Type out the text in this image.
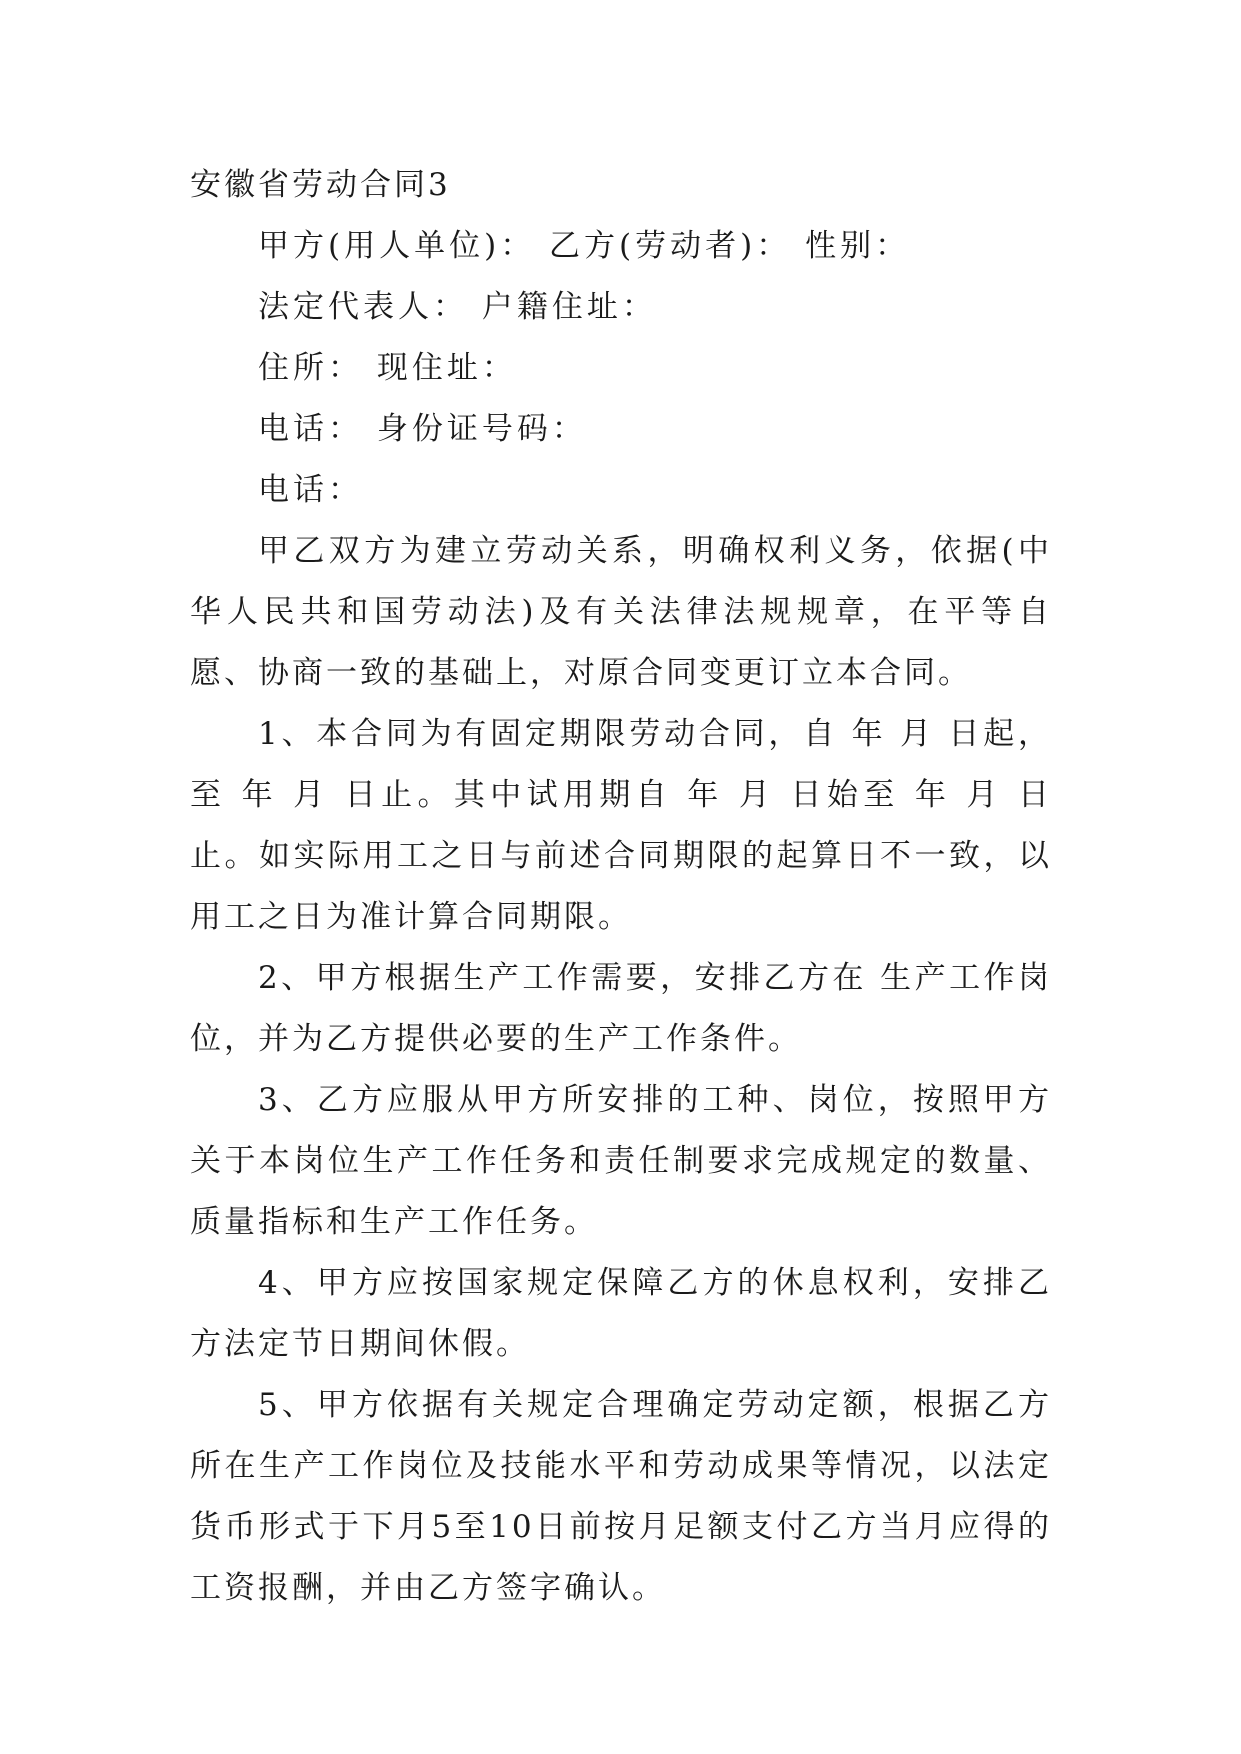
安徽省劳动合同3

甲方(用人单位)： 乙方(劳动者)： 性别：

法定代表人： 户籍住址：

住所： 现住址：

电话： 身份证号码：

电话：

甲乙双方为建立劳动关系，明确权利义务，依据(中华人民共和国劳动法)及有关法律法规规章，在平等自愿、协商一致的基础上，对原合同变更订立本合同。

1、本合同为有固定期限劳动合同，自 年 月 日起，至 年 月 日止。其中试用期自 年 月 日始至 年 月 日止。如实际用工之日与前述合同期限的起算日不一致，以用工之日为准计算合同期限。

2、甲方根据生产工作需要，安排乙方在 生产工作岗位，并为乙方提供必要的生产工作条件。

3、乙方应服从甲方所安排的工种、岗位，按照甲方关于本岗位生产工作任务和责任制要求完成规定的数量、质量指标和生产工作任务。

4、甲方应按国家规定保障乙方的休息权利，安排乙方法定节日期间休假。

5、甲方依据有关规定合理确定劳动定额，根据乙方所在生产工作岗位及技能水平和劳动成果等情况，以法定货币形式于下月5至10日前按月足额支付乙方当月应得的工资报酬，并由乙方签字确认。
